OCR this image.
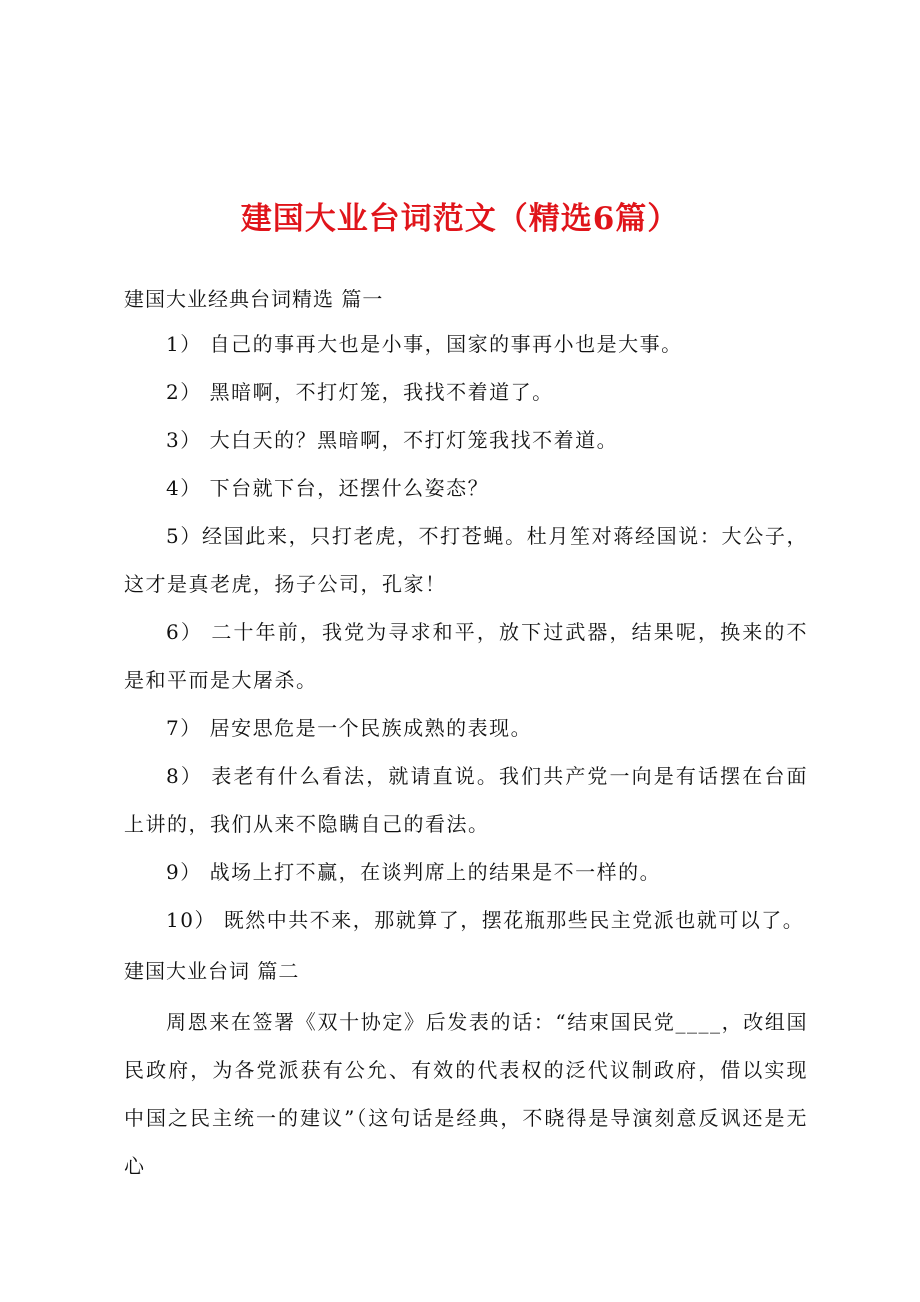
建国大业台词范文（精选6篇）
建国大业经典台词精选 篇一
1） 自己的事再大也是小事，国家的事再小也是大事。
2） 黑暗啊，不打灯笼，我找不着道了。
3） 大白天的？黑暗啊，不打灯笼我找不着道。
4） 下台就下台，还摆什么姿态？
5）经国此来，只打老虎，不打苍蝇。杜月笙对蒋经国说：大公子，这才是真老虎，扬子公司，孔家！
6） 二十年前，我党为寻求和平，放下过武器，结果呢，换来的不是和平而是大屠杀。
7） 居安思危是一个民族成熟的表现。
8） 表老有什么看法，就请直说。我们共产党一向是有话摆在台面上讲的，我们从来不隐瞒自己的看法。
9） 战场上打不赢，在谈判席上的结果是不一样的。
10） 既然中共不来，那就算了，摆花瓶那些民主党派也就可以了。
建国大业台词 篇二
周恩来在签署《双十协定》后发表的话：“结束国民党____，改组国民政府，为各党派获有公允、有效的代表权的泛代议制政府，借以实现中国之民主统一的建议”（这句话是经典，不晓得是导演刻意反讽还是无心
